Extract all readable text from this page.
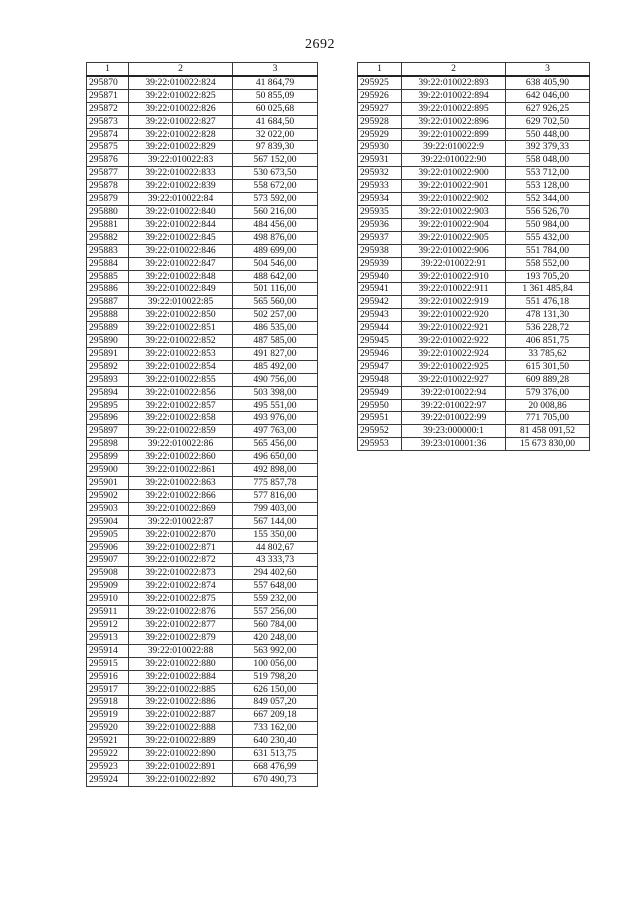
2692
1	2	3
295870	39:22:010022:824	41 864,79
295871	39:22:010022:825	50 855,09
295872	39:22:010022:826	60 025,68
295873	39:22:010022:827	41 684,50
295874	39:22:010022:828	32 022,00
295875	39:22:010022:829	97 839,30
295876	39:22:010022:83	567 152,00
295877	39:22:010022:833	530 673,50
295878	39:22:010022:839	558 672,00
295879	39:22:010022:84	573 592,00
295880	39:22:010022:840	560 216,00
295881	39:22:010022:844	484 456,00
295882	39:22:010022:845	498 876,00
295883	39:22:010022:846	489 699,00
295884	39:22:010022:847	504 546,00
295885	39:22:010022:848	488 642,00
295886	39:22:010022:849	501 116,00
295887	39:22:010022:85	565 560,00
295888	39:22:010022:850	502 257,00
295889	39:22:010022:851	486 535,00
295890	39:22:010022:852	487 585,00
295891	39:22:010022:853	491 827,00
295892	39:22:010022:854	485 492,00
295893	39:22:010022:855	490 756,00
295894	39:22:010022:856	503 398,00
295895	39:22:010022:857	495 551,00
295896	39:22:010022:858	493 976,00
295897	39:22:010022:859	497 763,00
295898	39:22:010022:86	565 456,00
295899	39:22:010022:860	496 650,00
295900	39:22:010022:861	492 898,00
295901	39:22:010022:863	775 857,78
295902	39:22:010022:866	577 816,00
295903	39:22:010022:869	799 403,00
295904	39:22:010022:87	567 144,00
295905	39:22:010022:870	155 350,00
295906	39:22:010022:871	44 802,67
295907	39:22:010022:872	43 333,73
295908	39:22:010022:873	294 402,60
295909	39:22:010022:874	557 648,00
295910	39:22:010022:875	559 232,00
295911	39:22:010022:876	557 256,00
295912	39:22:010022:877	560 784,00
295913	39:22:010022:879	420 248,00
295914	39:22:010022:88	563 992,00
295915	39:22:010022:880	100 056,00
295916	39:22:010022:884	519 798,20
295917	39:22:010022:885	626 150,00
295918	39:22:010022:886	849 057,20
295919	39:22:010022:887	667 209,18
295920	39:22:010022:888	733 162,00
295921	39:22:010022:889	640 230,40
295922	39:22:010022:890	631 513,75
295923	39:22:010022:891	668 476,99
295924	39:22:010022:892	670 490,73
1	2	3
295925	39:22:010022:893	638 405,90
295926	39:22:010022:894	642 046,00
295927	39:22:010022:895	627 926,25
295928	39:22:010022:896	629 702,50
295929	39:22:010022:899	550 448,00
295930	39:22:010022:9	392 379,33
295931	39:22:010022:90	558 048,00
295932	39:22:010022:900	553 712,00
295933	39:22:010022:901	553 128,00
295934	39:22:010022:902	552 344,00
295935	39:22:010022:903	556 526,70
295936	39:22:010022:904	550 984,00
295937	39:22:010022:905	555 432,00
295938	39:22:010022:906	551 784,00
295939	39:22:010022:91	558 552,00
295940	39:22:010022:910	193 705,20
295941	39:22:010022:911	1 361 485,84
295942	39:22:010022:919	551 476,18
295943	39:22:010022:920	478 131,30
295944	39:22:010022:921	536 228,72
295945	39:22:010022:922	406 851,75
295946	39:22:010022:924	33 785,62
295947	39:22:010022:925	615 301,50
295948	39:22:010022:927	609 889,28
295949	39:22:010022:94	579 376,00
295950	39:22:010022:97	20 008,86
295951	39:22:010022:99	771 705,00
295952	39:23:000000:1	81 458 091,52
295953	39:23:010001:36	15 673 830,00
